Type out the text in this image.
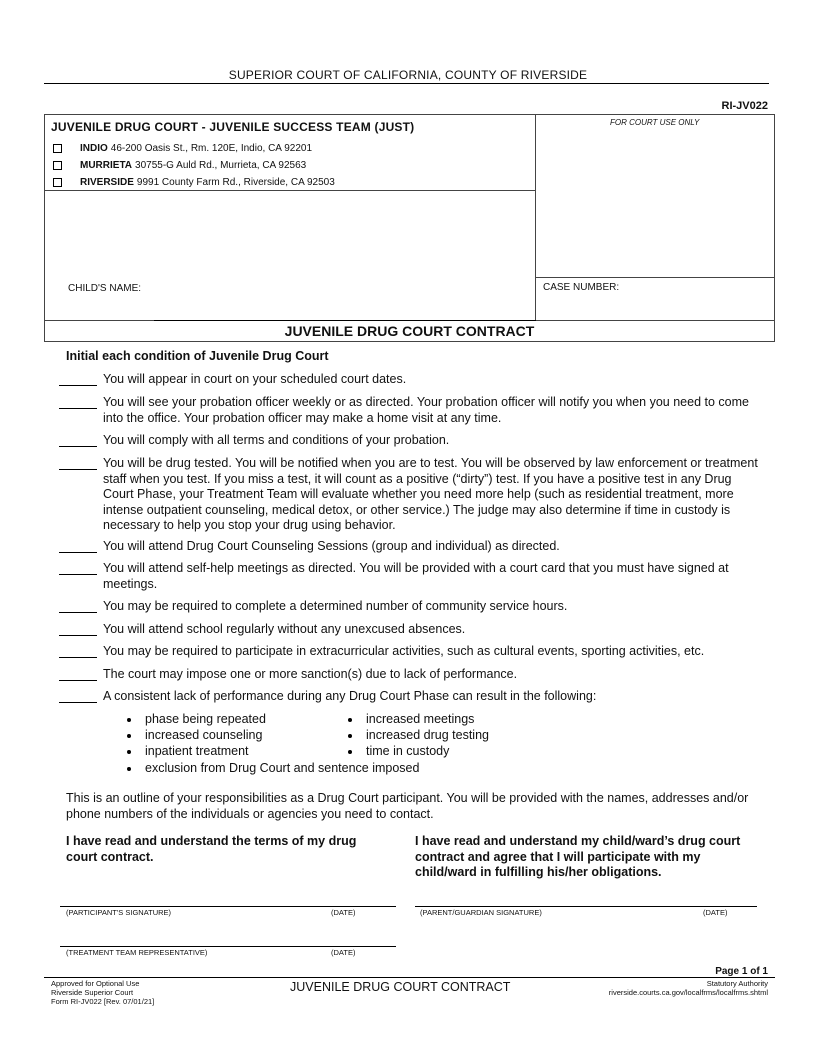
SUPERIOR COURT OF CALIFORNIA, COUNTY OF RIVERSIDE
RI-JV022
JUVENILE DRUG COURT - JUVENILE SUCCESS TEAM (JUST)
INDIO 46-200 Oasis St., Rm. 120E, Indio, CA 92201
MURRIETA 30755-G Auld Rd., Murrieta, CA 92563
RIVERSIDE 9991 County Farm Rd., Riverside, CA 92503
FOR COURT USE ONLY
CHILD'S NAME:	CASE NUMBER:
JUVENILE DRUG COURT CONTRACT
Initial each condition of Juvenile Drug Court
You will appear in court on your scheduled court dates.
You will see your probation officer weekly or as directed. Your probation officer will notify you when you need to come into the office. Your probation officer may make a home visit at any time.
You will comply with all terms and conditions of your probation.
You will be drug tested. You will be notified when you are to test. You will be observed by law enforcement or treatment staff when you test. If you miss a test, it will count as a positive (“dirty”) test. If you have a positive test in any Drug Court Phase, your Treatment Team will evaluate whether you need more help (such as residential treatment, more intense outpatient counseling, medical detox, or other service.) The judge may also determine if time in custody is necessary to help you stop your drug using behavior.
You will attend Drug Court Counseling Sessions (group and individual) as directed.
You will attend self-help meetings as directed. You will be provided with a court card that you must have signed at meetings.
You may be required to complete a determined number of community service hours.
You will attend school regularly without any unexcused absences.
You may be required to participate in extracurricular activities, such as cultural events, sporting activities, etc.
The court may impose one or more sanction(s) due to lack of performance.
A consistent lack of performance during any Drug Court Phase can result in the following:
phase being repeated
increased counseling
inpatient treatment
exclusion from Drug Court and sentence imposed
increased meetings
increased drug testing
time in custody
This is an outline of your responsibilities as a Drug Court participant. You will be provided with the names, addresses and/or phone numbers of the individuals or agencies you need to contact.
I have read and understand the terms of my drug court contract.
I have read and understand my child/ward’s drug court contract and agree that I will participate with my child/ward in fulfilling his/her obligations.
(PARTICIPANT'S SIGNATURE)	(DATE)	(PARENT/GUARDIAN SIGNATURE)	(DATE)
(TREATMENT TEAM REPRESENTATIVE)	(DATE)
Page 1 of 1
Approved for Optional Use
Riverside Superior Court
Form RI-JV022 [Rev. 07/01/21]
JUVENILE DRUG COURT CONTRACT	Statutory Authority
riverside.courts.ca.gov/localfrms/localfrms.shtml
